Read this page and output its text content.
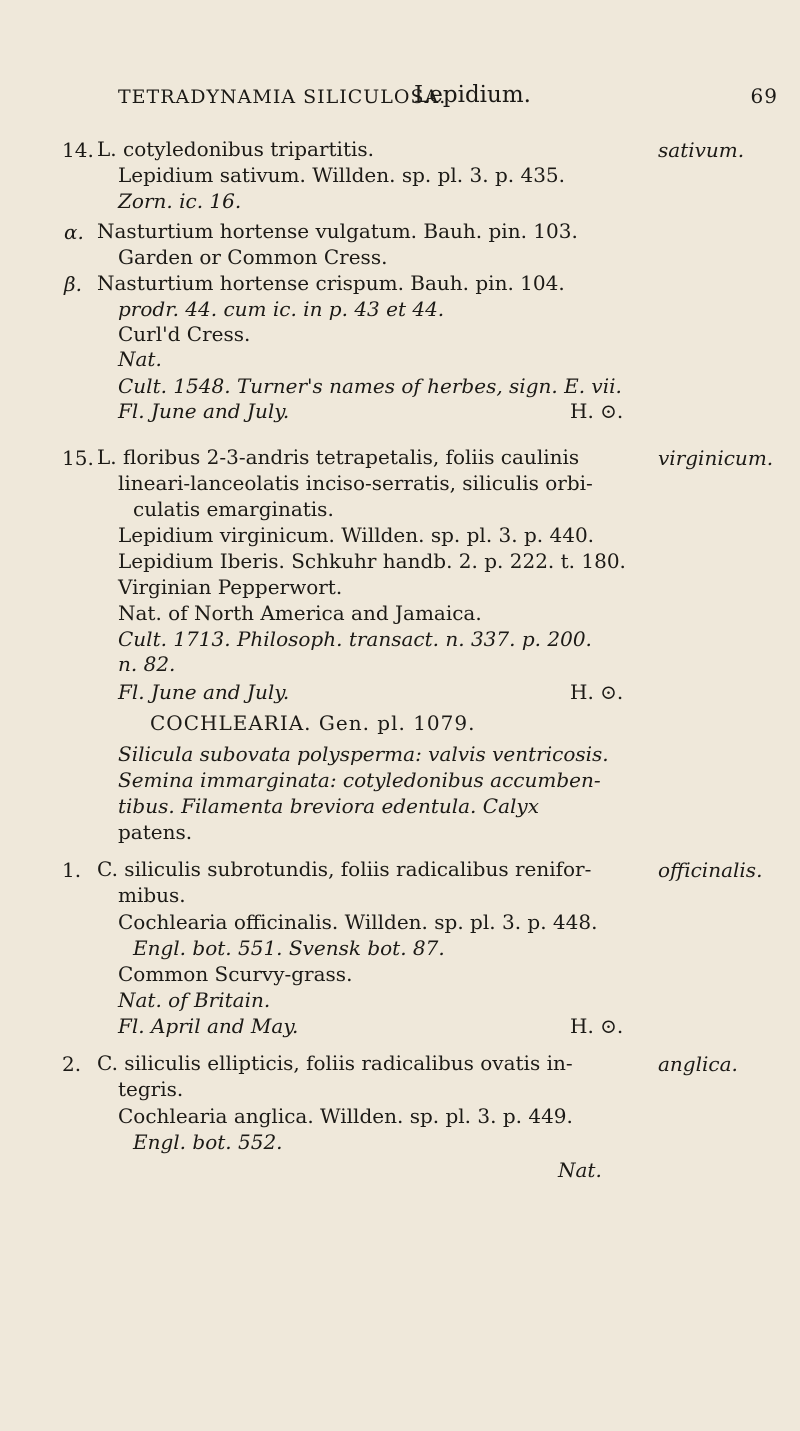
TETRADYNAMIA SILICULOSA.
Lepidium.	69
14. L. cotyledonibus tripartitis.	sativum.
Lepidium sativum. Willden. sp. pl. 3. p. 435.
Zorn. ic. 16.
α. Nasturtium hortense vulgatum. Bauh. pin. 103.
Garden or Common Cress.
β. Nasturtium hortense crispum. Bauh. pin. 104.
prodr. 44. cum ic. in p. 43 et 44.
Curl'd Cress.
Nat.
Cult. 1548. Turner's names of herbes, sign. E. vii.
Fl. June and July.	H. ⊙.
15. L. floribus 2-3-andris tetrapetalis, foliis caulinis	virginicum.
lineari-lanceolatis inciso-serratis, siliculis orbi-
culatis emarginatis.
Lepidium virginicum. Willden. sp. pl. 3. p. 440.
Lepidium Iberis. Schkuhr handb. 2. p. 222. t. 180.
Virginian Pepperwort.
Nat. of North America and Jamaica.
Cult. 1713. Philosoph. transact. n. 337. p. 200.
n. 82.
Fl. June and July.	H. ⊙.
COCHLEARIA. Gen. pl. 1079.
Silicula subovata polysperma: valvis ventricosis.
Semina immarginata: cotyledonibus accumben-
tibus. Filamenta breviora edentula. Calyx
patens.
1. C. siliculis subrotundis, foliis radicalibus renifor-	officinalis.
mibus.
Cochlearia officinalis. Willden. sp. pl. 3. p. 448.
Engl. bot. 551. Svensk bot. 87.
Common Scurvy-grass.
Nat. of Britain.
Fl. April and May.	H. ⊙.
2. C. siliculis ellipticis, foliis radicalibus ovatis in-	anglica.
tegris.
Cochlearia anglica. Willden. sp. pl. 3. p. 449.
Engl. bot. 552.
Nat.
